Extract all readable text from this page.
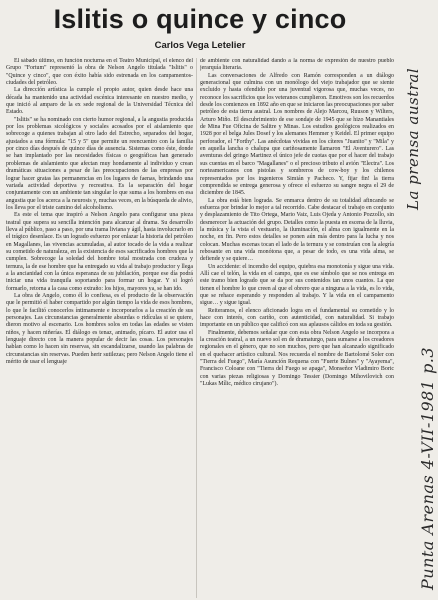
Islitis o quince y cinco
Carlos Vega Letelier

El sábado último, en función nocturna en el Teatro Municipal, el elenco del Grupo "Fortum" representó la obra de Nelson Angelo titulada "Islitis" o "Quince y cinco", que con éxito había sido estrenada en los campamentos-ciudades del petróleo.

La dirección artística la cumple el propio autor, quien desde hace una década ha mantenido una actividad escénica interesante en nuestro medio, y que inició al amparo de la ex sede regional de la Universidad Técnica del Estado.

"Islitis" se ha nominado con cierto humor regional, a la angustia producida por los problemas sicológicos y sociales acosados por el aislamiento que sobrecoge a quienes trabajan al otro lado del Estrecho, separados del hogar, ajustados a una fórmula: "15 y 5" que permite un reencuentro con la familia por cinco días después de quince días de ausencia. Sistemas como éste, donde se han implantado por las necesidades físicas o geográficas han generado problemas de aislamiento que afectan muy hondamente al individuo y crean dramáticas situaciones a pesar de las preocupaciones de las empresas por lograr hacer gratas las permanencias en los lugares de faenas, brindando una variada actividad deportiva y recreativa. Es la separación del hogar conjuntamente con un ambiente tan singular lo que suma a los hombres en esa angustia que los acerca a la neurosis y, muchas veces, en la búsqueda de alivio, los lleva por el triste camino del alcoholismo.

Es este el tema que inspiró a Nelson Angelo para configurar una pieza teatral que supera su sencilla intención para alcanzar al drama. Su desarrollo lleva al público, paso a paso, por una trama liviana y ágil, hasta involucrarlo en el trágico desenlace. Es un logrado esfuerzo por enlazar la historia del petróleo en Magallanes, las vivencias acumuladas, al autor tocado de la vida a realizar su cometido de naturaleza, en la existencia de esos sacrificados hombres que la cumplen. Sobrecoge la soledad del hombre total mostrada con crudeza y ternura, la de ese hombre que ha entregado su vida al trabajo productor y llega a la ancianidad con la única esperanza de su jubilación, porque ese día podrá iniciar una vida tranquila soportando para formar un hogar. Y si logró formarlo, retorna a la casa como extraño: los hijos, mayores ya, se han ido.

La obra de Angelo, como él lo confiesa, es el producto de la observación que le permitió el haber compartido por algún tiempo la vida de esos hombres, lo que le facilitó conocerlos íntimamente e incorporarlos a la creación de sus personajes. Las circunstancias generalmente absurdas o ridículas si se quiere, dieron motivo al escenario. Los hombres solos en todas las edades se visten niños, y hacen niñerías. El diálogo es tenaz, animado, pícaro. El autor usa el lenguaje directo con la manera popular de decir las cosas. Los personajes hablan como lo hacen sin reservas, sin escandalizarse, usando las palabras de circunstancias sin reservas. Pueden herir sutilezas; pero Nelson Angelo tiene el mérito de usar el lenguaje

de ambiente con naturalidad dando a la norma de expresión de nuestro pueblo jerarquía literaria.

Las conversaciones de Alfredo con Ramón corresponden a un diálogo generacional que culmina con un monólogo del viejo trabajador que se siente excluido y hasta ofendido por una juventud vigorosa que, muchas veces, no reconoce los sacrificios que los veteranos cumplieron. Emotivos son los recuerdos desde los comienzos en 1892 año en que se iniciaron las preocupaciones por saber petróleo de esta tierra austral. Los nombres de Alejo Marcou, Ruuson y Wilters, Arturo Miño. El descubrimiento de ese sondaje de 1945 que se hizo Manantiales de Mina Fue Oficina de Salitre y Minas. Los estudios geológicos realizados en 1928 por el belga Jules Dosef y los alemanes Hemmer y Keidel. El primer equipo perforador, el "Forthy". Las anécdotas vividas en los cíteres "Juanito" y "Mila" y en aquella lancha o chalupa que cariñosamente llamaron "El Aventurero". Las aventuras del gringo Martinez el único jefe de cuotas que por el hacer del trabajo sus cuentas en el barco "Magallanes" o el precioso tributo el avión "Electra". Los norteamericanos con pistolas y sombreros de cow-boy y los chilenos representados por los ingenieros Simián y Pacheco. Y, fijar fin! la tierra comprendida se entrega generosa y ofrece el esfuerzo su sangre negra el 29 de diciembre de 1845.

La obra está bien lograda. Se enmarca dentro de su totalidad afincando se esfuerza por brindar lo mejor a tal recorrido. Cabe destacar el trabajo en conjunto y desplazamiento de Tito Ortega, Mario Vaiz, Luis Ojeda y Antonio Pozzollo, sin desmerecer la actuación del grupo. Detalles como la puesta en escena de la lluvia, la música y la vista el vestuario, la iluminación, el alma con igualmente en la noche, en fin. Pero estos detalles se ponen aún más dentro para la lucha y nos colocan. Muchas escenas tocan el lado de la ternura y se construían con la alegría rebosante en una vida monótona que, a pesar de todo, es una vida alma, se defiende y se quiere…

Un accidente: el incendio del equipo, quiebra esa monotonía y sigue una vida. Allí cae el telón, la vida en el campo, que es ese símbolo que se nos entrega en este tramo bien logrado que se da por sus contenidos tan unos cuantos. La que tienen el hombre lo que creen al que el obrero que a ninguna a la vida, es lo vida, que se rehace esperando y responden al trabajo. Y la vida en el campamento sigue… y sigue igual.

Reiteramos, el elenco aficionado logra en el fundamental su cometido y lo hace con interés, con cariño, con autenticidad, con naturalidad. Si trabajo importante en un público que calificó con sus aplausos cálidos en toda su gestión.

Finalmente, debemos señalar que con esta obra Nelson Angelo se incorpora a la creación teatral, a un nuevo sol en de dramaturgo, para sumarse a los creadores regionales en el género, que no son muchos, pero que han alcanzado significado en el quehacer artístico cultural. Nos recuerda el nombre de Bartolomé Soler con "Tierra del Fuego", María Asunción Requena con "Fuerte Bulnes" y "Ayayema", Francisco Coloane con "Tierra del Fuego se apaga", Monseñor Vladimiro Boric con varias piezas religiosas y Domingo Tessier (Domingo Mihovilovich con "Lukas Mílic, médico cirujano").

La prensa austral
Punta Arenas 4-VII-1981 p.3
